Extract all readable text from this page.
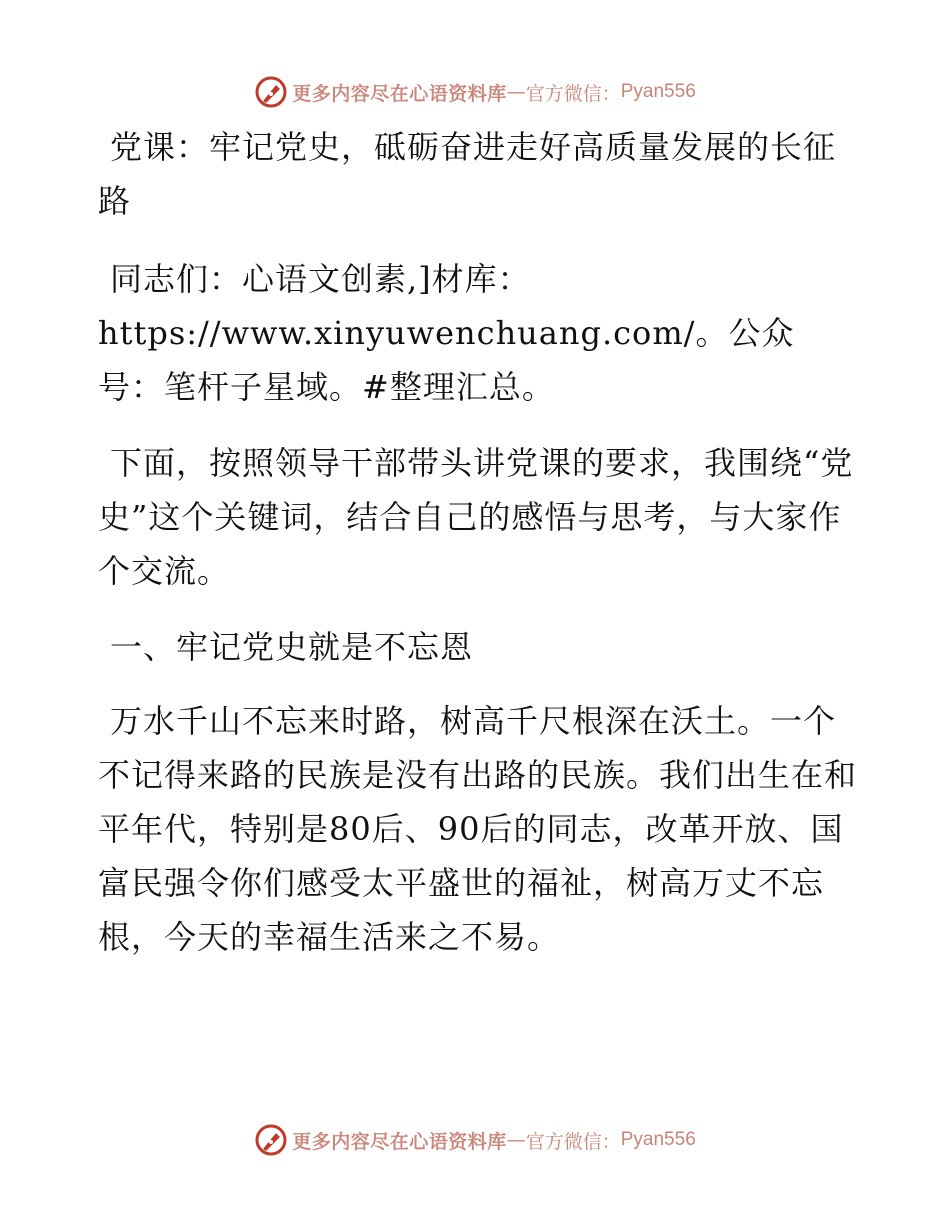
更多内容尽在心语资料库 — 官方微信： Pyan556

党课：牢记党史，砥砺奋进走好高质量发展的长征路

同志们：心语文创素,]材库：https://www.xinyuwenchuang.com/。公众号：笔杆子星域。#整理汇总。

下面，按照领导干部带头讲党课的要求，我围绕“党史”这个关键词，结合自己的感悟与思考，与大家作个交流。

一、牢记党史就是不忘恩

万水千山不忘来时路，树高千尺根深在沃土。一个不记得来路的民族是没有出路的民族。我们出生在和平年代，特别是80后、90后的同志，改革开放、国富民强令你们感受太平盛世的福祉，树高万丈不忘根，今天的幸福生活来之不易。

更多内容尽在心语资料库 — 官方微信： Pyan556
